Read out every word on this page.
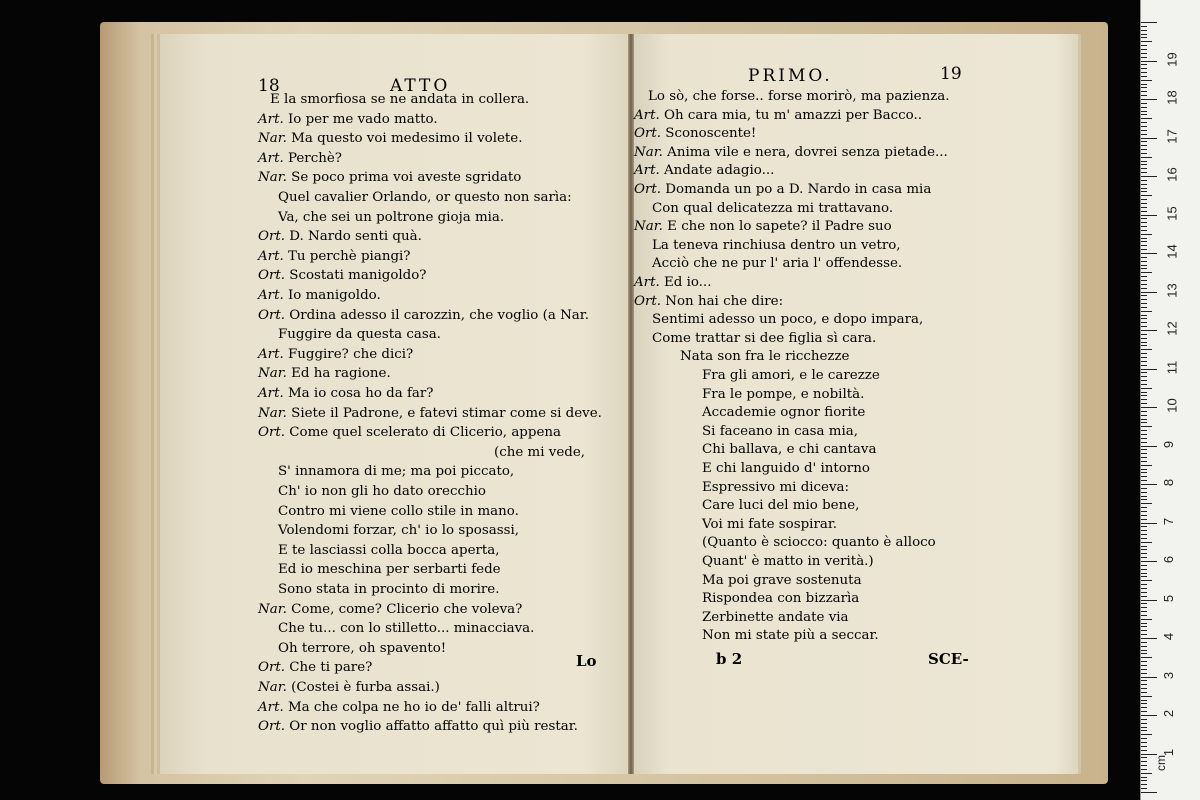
18	ATTO	PRIMO.	19
E la smorfiosa se ne andata in collera.
Art. Io per me vado matto.
Nar. Ma questo voi medesimo il volete.
Art. Perchè?
Nar. Se poco prima voi aveste sgridato
Quel cavalier Orlando, or questo non sarìa:
Va, che sei un poltrone gioja mia.
Ort. D. Nardo senti quà.
Art. Tu perchè piangi?
Ort. Scostati manigoldo?
Art. Io manigoldo.
Ort. Ordina adesso il carozzin, che voglio (a Nar.
Fuggire da questa casa.
Art. Fuggire? che dici?
Nar. Ed ha ragione.
Art. Ma io cosa ho da far?
Nar. Siete il Padrone, e fatevi stimar come si deve.
Ort. Come quel scelerato di Clicerio, appena
(che mi vede,
S' innamora di me; ma poi piccato,
Ch' io non gli ho dato orecchio
Contro mi viene collo stile in mano.
Volendomi forzar, ch' io lo sposassi,
E te lasciassi colla bocca aperta,
Ed io meschina per serbarti fede
Sono stata in procinto di morire.
Nar. Come, come? Clicerio che voleva?
Che tu... con lo stilletto... minacciava.
Oh terrore, oh spavento!
Ort. Che ti pare?
Nar. (Costei è furba assai.)
Art. Ma che colpa ne ho io de' falli altrui?
Ort. Or non voglio affatto affatto quì più restar.
Lo sò, che forse.. forse morirò, ma pazienza.
Art. Oh cara mia, tu m' amazzi per Bacco..
Ort. Sconoscente!
Nar. Anima vile e nera, dovrei senza pietade...
Art. Andate adagio...
Ort. Domanda un po a D. Nardo in casa mia
Con qual delicatezza mi trattavano.
Nar. E che non lo sapete? il Padre suo
La teneva rinchiusa dentro un vetro,
Acciò che ne pur l' aria l' offendesse.
Art. Ed io...
Ort. Non hai che dire:
Sentimi adesso un poco, e dopo impara,
Come trattar si dee figlia sì cara.
Nata son fra le ricchezze
Fra gli amori, e le carezze
Fra le pompe, e nobiltà.
Accademie ognor fiorite
Si faceano in casa mia,
Chi ballava, e chi cantava
E chi languido d' intorno
Espressivo mi diceva:
Care luci del mio bene,
Voi mi fate sospirar.
(Quanto è sciocco: quanto è alloco
Quant' è matto in verità.)
Ma poi grave sostenuta
Rispondea con bizzarìa
Zerbinette andate via
Non mi state più a seccar.
Lo	b 2	SCE-
cm
19
18
17
16
15
14
13
12
11
10
9
8
7
6
5
4
3
2
1
